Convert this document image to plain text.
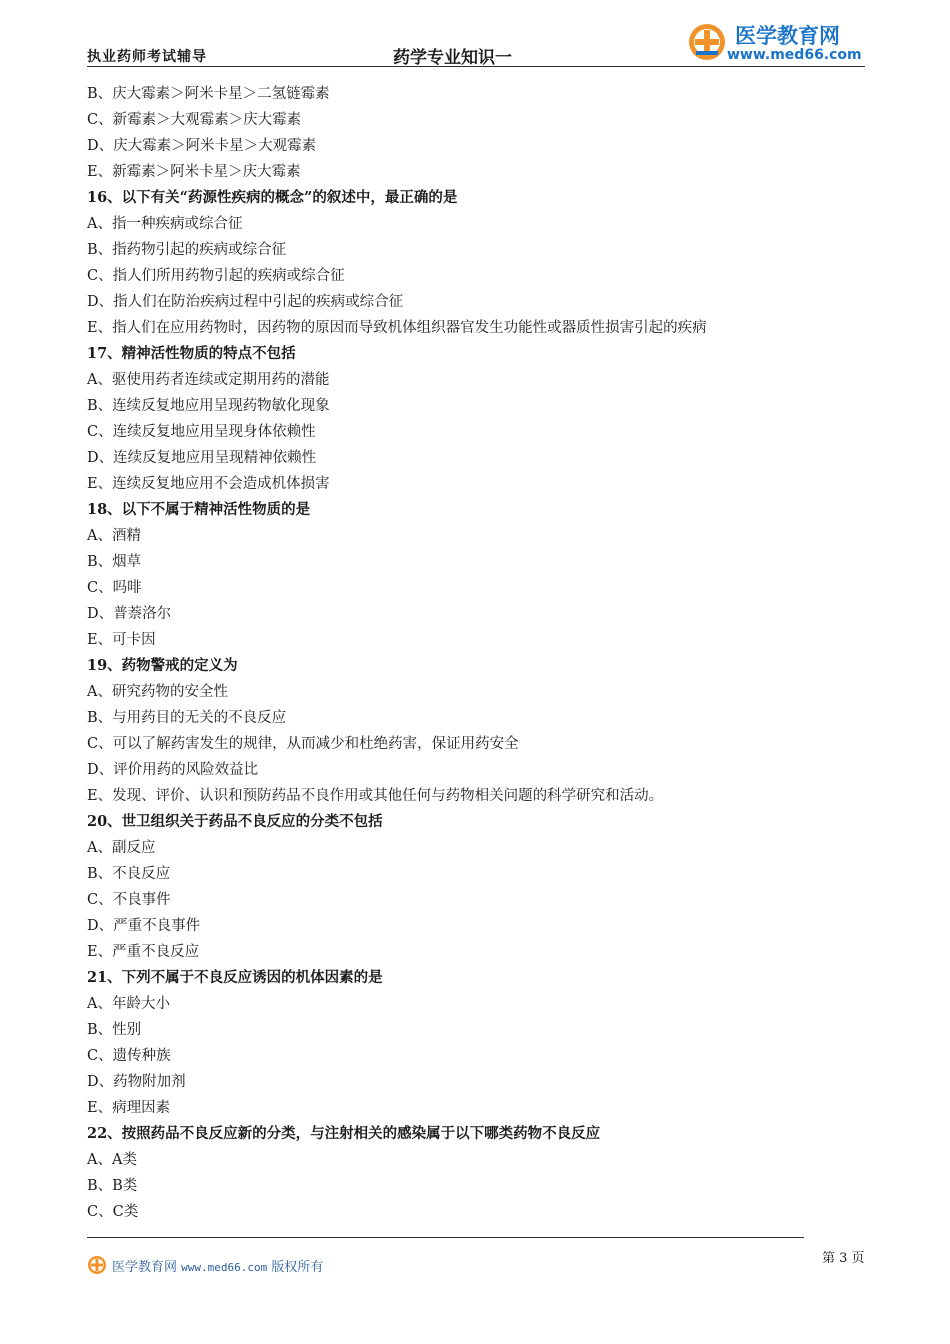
执业药师考试辅导	药学专业知识一
医学教育网
www.med66.com
B、庆大霉素＞阿米卡星＞二氢链霉素
C、新霉素＞大观霉素＞庆大霉素
D、庆大霉素＞阿米卡星＞大观霉素
E、新霉素＞阿米卡星＞庆大霉素
16、以下有关“药源性疾病的概念”的叙述中，最正确的是
A、指一种疾病或综合征
B、指药物引起的疾病或综合征
C、指人们所用药物引起的疾病或综合征
D、指人们在防治疾病过程中引起的疾病或综合征
E、指人们在应用药物时，因药物的原因而导致机体组织器官发生功能性或器质性损害引起的疾病
17、精神活性物质的特点不包括
A、驱使用药者连续或定期用药的潜能
B、连续反复地应用呈现药物敏化现象
C、连续反复地应用呈现身体依赖性
D、连续反复地应用呈现精神依赖性
E、连续反复地应用不会造成机体损害
18、以下不属于精神活性物质的是
A、酒精
B、烟草
C、吗啡
D、普萘洛尔
E、可卡因
19、药物警戒的定义为
A、研究药物的安全性
B、与用药目的无关的不良反应
C、可以了解药害发生的规律，从而减少和杜绝药害，保证用药安全
D、评价用药的风险效益比
E、发现、评价、认识和预防药品不良作用或其他任何与药物相关问题的科学研究和活动。
20、世卫组织关于药品不良反应的分类不包括
A、副反应
B、不良反应
C、不良事件
D、严重不良事件
E、严重不良反应
21、下列不属于不良反应诱因的机体因素的是
A、年龄大小
B、性别
C、遗传种族
D、药物附加剂
E、病理因素
22、按照药品不良反应新的分类，与注射相关的感染属于以下哪类药物不良反应
A、A类
B、B类
C、C类
医学教育网 www.med66.com 版权所有
第 3 页
